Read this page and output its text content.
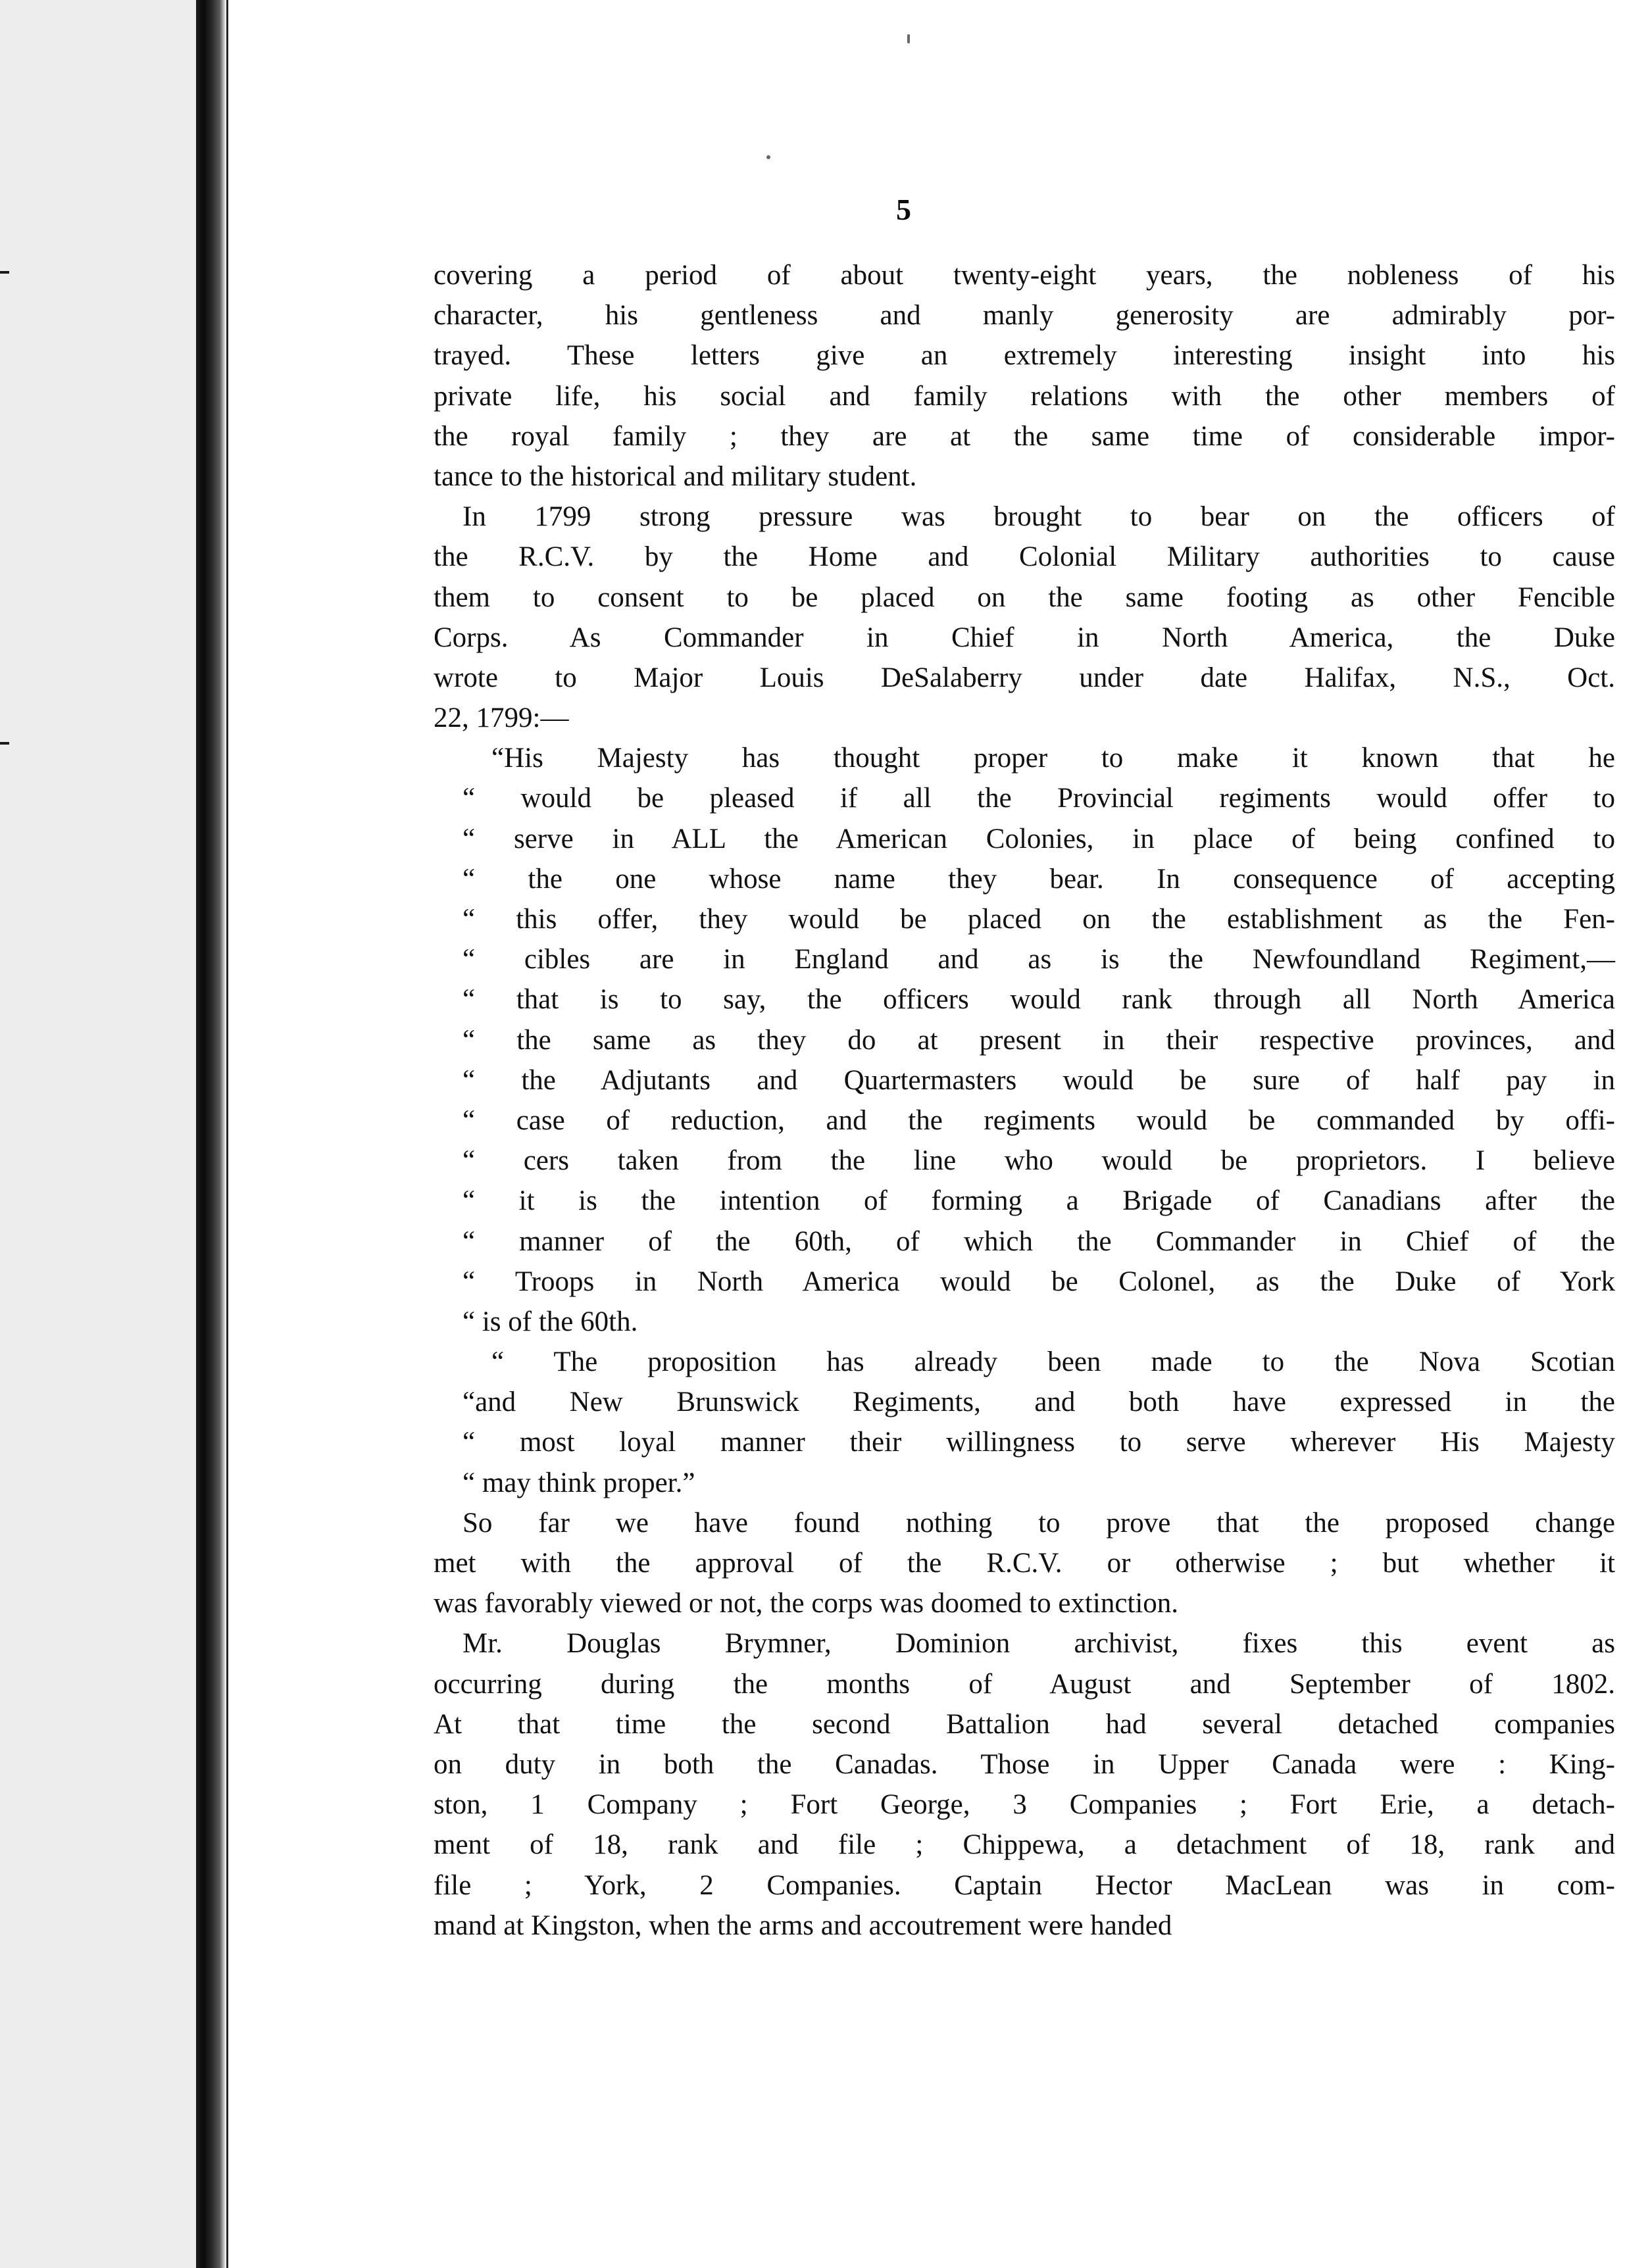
5
covering a period of about twenty-eight years, the nobleness of his
character, his gentleness and manly generosity are admirably por-
trayed. These letters give an extremely interesting insight into his
private life, his social and family relations with the other members of
the royal family ; they are at the same time of considerable impor-
tance to the historical and military student.
In 1799 strong pressure was brought to bear on the officers of
the R.C.V. by the Home and Colonial Military authorities to cause
them to consent to be placed on the same footing as other Fencible
Corps. As Commander in Chief in North America, the Duke
wrote to Major Louis DeSalaberry under date Halifax, N.S., Oct.
22, 1799:—
“His Majesty has thought proper to make it known that he
“ would be pleased if all the Provincial regiments would offer to
“ serve in ALL the American Colonies, in place of being confined to
“ the one whose name they bear. In consequence of accepting
“ this offer, they would be placed on the establishment as the Fen-
“ cibles are in England and as is the Newfoundland Regiment,—
“ that is to say, the officers would rank through all North America
“ the same as they do at present in their respective provinces, and
“ the Adjutants and Quartermasters would be sure of half pay in
“ case of reduction, and the regiments would be commanded by offi-
“ cers taken from the line who would be proprietors. I believe
“ it is the intention of forming a Brigade of Canadians after the
“ manner of the 60th, of which the Commander in Chief of the
“ Troops in North America would be Colonel, as the Duke of York
“ is of the 60th.
“ The proposition has already been made to the Nova Scotian
“and New Brunswick Regiments, and both have expressed in the
“ most loyal manner their willingness to serve wherever His Majesty
“ may think proper.”
So far we have found nothing to prove that the proposed change
met with the approval of the R.C.V. or otherwise ; but whether it
was favorably viewed or not, the corps was doomed to extinction.
Mr. Douglas Brymner, Dominion archivist, fixes this event as
occurring during the months of August and September of 1802.
At that time the second Battalion had several detached companies
on duty in both the Canadas. Those in Upper Canada were : King-
ston, 1 Company ; Fort George, 3 Companies ; Fort Erie, a detach-
ment of 18, rank and file ; Chippewa, a detachment of 18, rank and
file ; York, 2 Companies. Captain Hector MacLean was in com-
mand at Kingston, when the arms and accoutrement were handed
